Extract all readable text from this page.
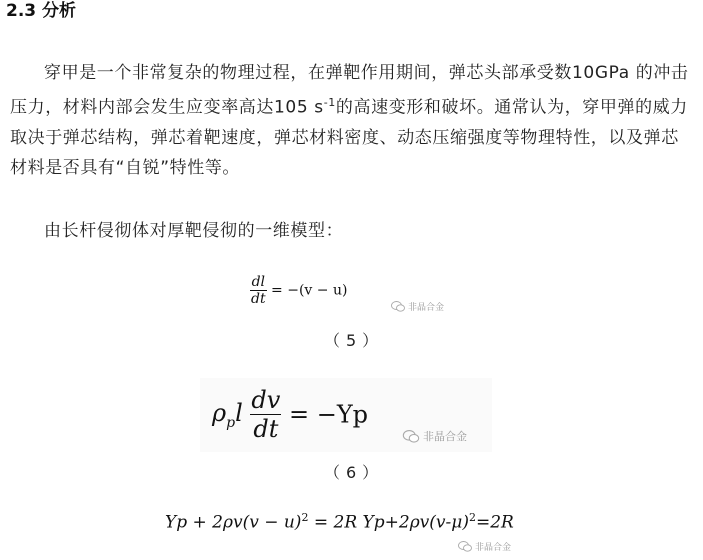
2.3 分析

穿甲是一个非常复杂的物理过程，在弹靶作用期间，弹芯头部承受数10GPa 的冲击压力，材料内部会发生应变率高达105 $s^{-1}$的高速变形和破坏。通常认为，穿甲弹的威力取决于弹芯结构，弹芯着靶速度，弹芯材料密度、动态压缩强度等物理特性，以及弹芯材料是否具有“自锐”特性等。

由长杆侵彻体对厚靶侵彻的一维模型：

$\frac{dl}{dt} = -(v - u)$
非晶合金
（5）
$\rho_pl \frac{dv}{dt} = -Yp$
非晶合金
（6）
$Yp + 2\rho v(v - u)^2 = 2R$ $Yp+2\rho v(v-\mu)^2=2R$
非晶合金
